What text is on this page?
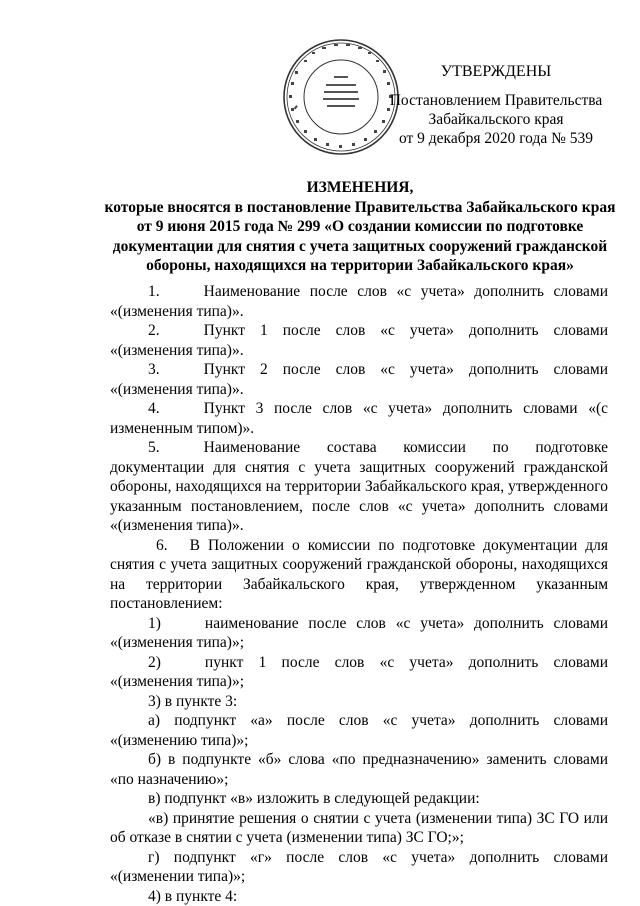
УТВЕРЖДЕНЫ
Постановлением Правительства
Забайкальского края
от 9 декабря 2020 года № 539
ИЗМЕНЕНИЯ,
которые вносятся в постановление Правительства Забайкальского края
от 9 июня 2015 года № 299 «О создании комиссии по подготовке
документации для снятия с учета защитных сооружений гражданской
обороны, находящихся на территории Забайкальского края»

1.	Наименование после слов «с учета» дополнить словами «(изменения типа)».

2.	Пункт 1 после слов «с учета» дополнить словами «(изменения типа)».

3.	Пункт 2 после слов «с учета» дополнить словами «(изменения типа)».

4.	Пункт 3 после слов «с учета» дополнить словами «(с измененным типом)».

5.	Наименование состава комиссии по подготовке документации для снятия с учета защитных сооружений гражданской обороны, находящихся на территории Забайкальского края, утвержденного указанным постановлением, после слов «с учета» дополнить словами «(изменения типа)».

6. В Положении о комиссии по подготовке документации для снятия с учета защитных сооружений гражданской обороны, находящихся на территории Забайкальского края, утвержденном указанным постановлением:

1)	наименование после слов «с учета» дополнить словами «(изменения типа)»;

2)	пункт 1 после слов «с учета» дополнить словами «(изменения типа)»;

3) в пункте 3:

а) подпункт «а» после слов «с учета» дополнить словами «(изменению типа)»;

б) в подпункте «б» слова «по предназначению» заменить словами «по назначению»;

в) подпункт «в» изложить в следующей редакции:

«в) принятие решения о снятии с учета (изменении типа) ЗС ГО или об отказе в снятии с учета (изменении типа) ЗС ГО;»;

г) подпункт «г» после слов «с учета» дополнить словами «(изменении типа)»;

4) в пункте 4:
